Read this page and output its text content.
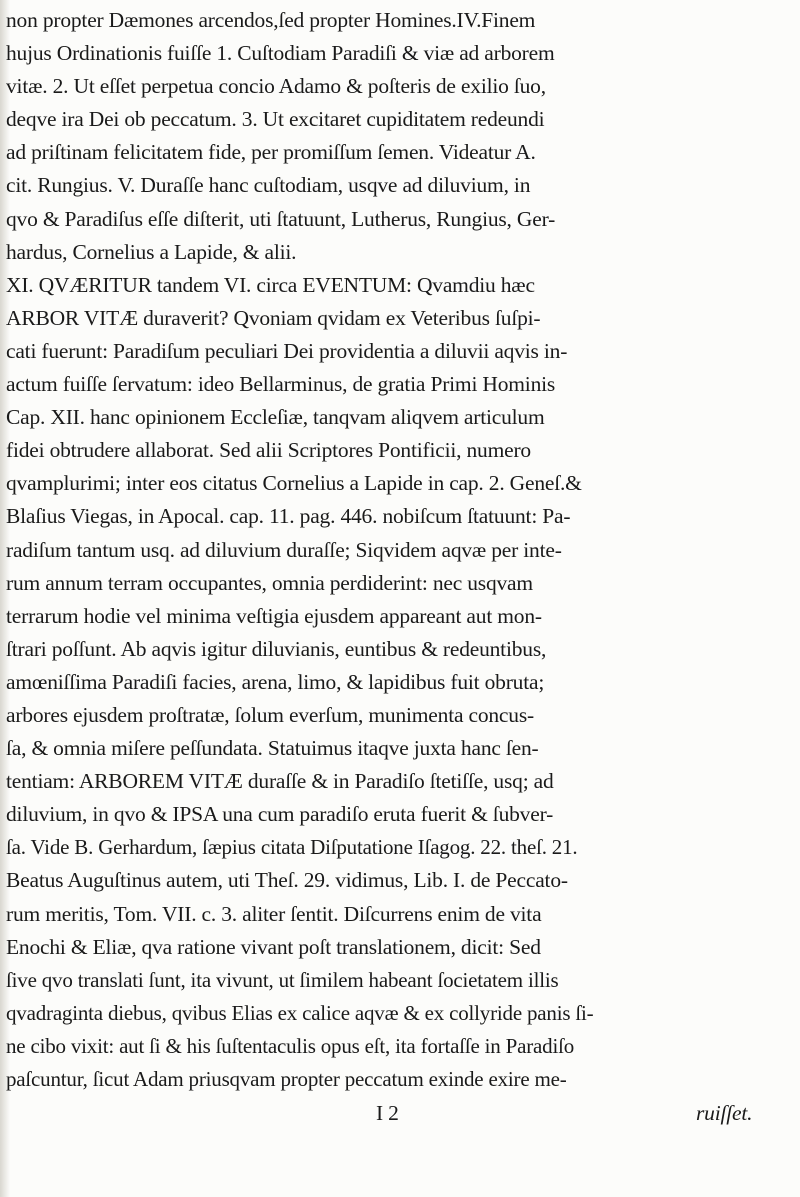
non propter Dæmones arcendos,ſed propter Homines.IV.Finem
hujus Ordinationis fuiſſe 1. Cuſtodiam Paradiſi & viæ ad arborem
vitæ. 2. Ut eſſet perpetua concio Adamo & poſteris de exilio ſuo,
deqve ira Dei ob peccatum. 3. Ut excitaret cupiditatem redeundi
ad priſtinam felicitatem fide, per promiſſum ſemen. Videatur A.
cit. Rungius. V. Duraſſe hanc cuſtodiam, usqve ad diluvium, in
qvo & Paradiſus eſſe diſterit, uti ſtatuunt, Lutherus, Rungius, Ger-
hardus, Cornelius a Lapide, & alii.
XI. QVÆRITUR tandem VI. circa EVENTUM: Qvamdiu hæc
ARBOR VITÆ duraverit? Qvoniam qvidam ex Veteribus ſuſpi-
cati fuerunt: Paradiſum peculiari Dei providentia a diluvii aqvis in-
actum fuiſſe ſervatum: ideo Bellarminus, de gratia Primi Hominis
Cap. XII. hanc opinionem Eccleſiæ, tanqvam aliqvem articulum
fidei obtrudere allaborat. Sed alii Scriptores Pontificii, numero
qvamplurimi; inter eos citatus Cornelius a Lapide in cap. 2. Geneſ.&
Blaſius Viegas, in Apocal. cap. 11. pag. 446. nobiſcum ſtatuunt: Pa-
radiſum tantum usq. ad diluvium duraſſe; Siqvidem aqvæ per inte-
rum annum terram occupantes, omnia perdiderint: nec usqvam
terrarum hodie vel minima veſtigia ejusdem appareant aut mon-
ſtrari poſſunt. Ab aqvis igitur diluvianis, euntibus & redeuntibus,
amœniſſima Paradiſi facies, arena, limo, & lapidibus fuit obruta;
arbores ejusdem proſtratæ, ſolum everſum, munimenta concus-
ſa, & omnia miſere peſſundata. Statuimus itaqve juxta hanc ſen-
tentiam: ARBOREM VITÆ duraſſe & in Paradiſo ſtetiſſe, usq; ad
diluvium, in qvo & IPSA una cum paradiſo eruta fuerit & ſubver-
ſa. Vide B. Gerhardum, ſæpius citata Diſputatione Iſagog. 22. theſ. 21.
Beatus Auguſtinus autem, uti Theſ. 29. vidimus, Lib. I. de Peccato-
rum meritis, Tom. VII. c. 3. aliter ſentit. Diſcurrens enim de vita
Enochi & Eliæ, qva ratione vivant poſt translationem, dicit: Sed
ſive qvo translati ſunt, ita vivunt, ut ſimilem habeant ſocietatem illis
qvadraginta diebus, qvibus Elias ex calice aqvæ & ex collyride panis ſi-
ne cibo vixit: aut ſi & his ſuſtentaculis opus eſt, ita fortaſſe in Paradiſo
paſcuntur, ſicut Adam priusqvam propter peccatum exinde exire me-
I 2	ruiſſet.
